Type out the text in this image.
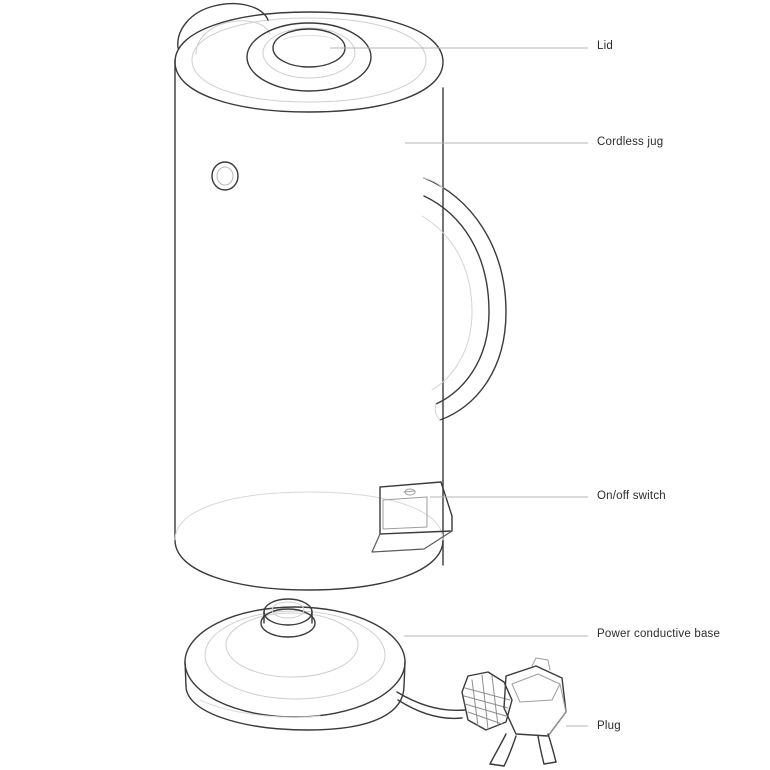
Lid
Cordless jug
On/off switch
Power conductive base
Plug
